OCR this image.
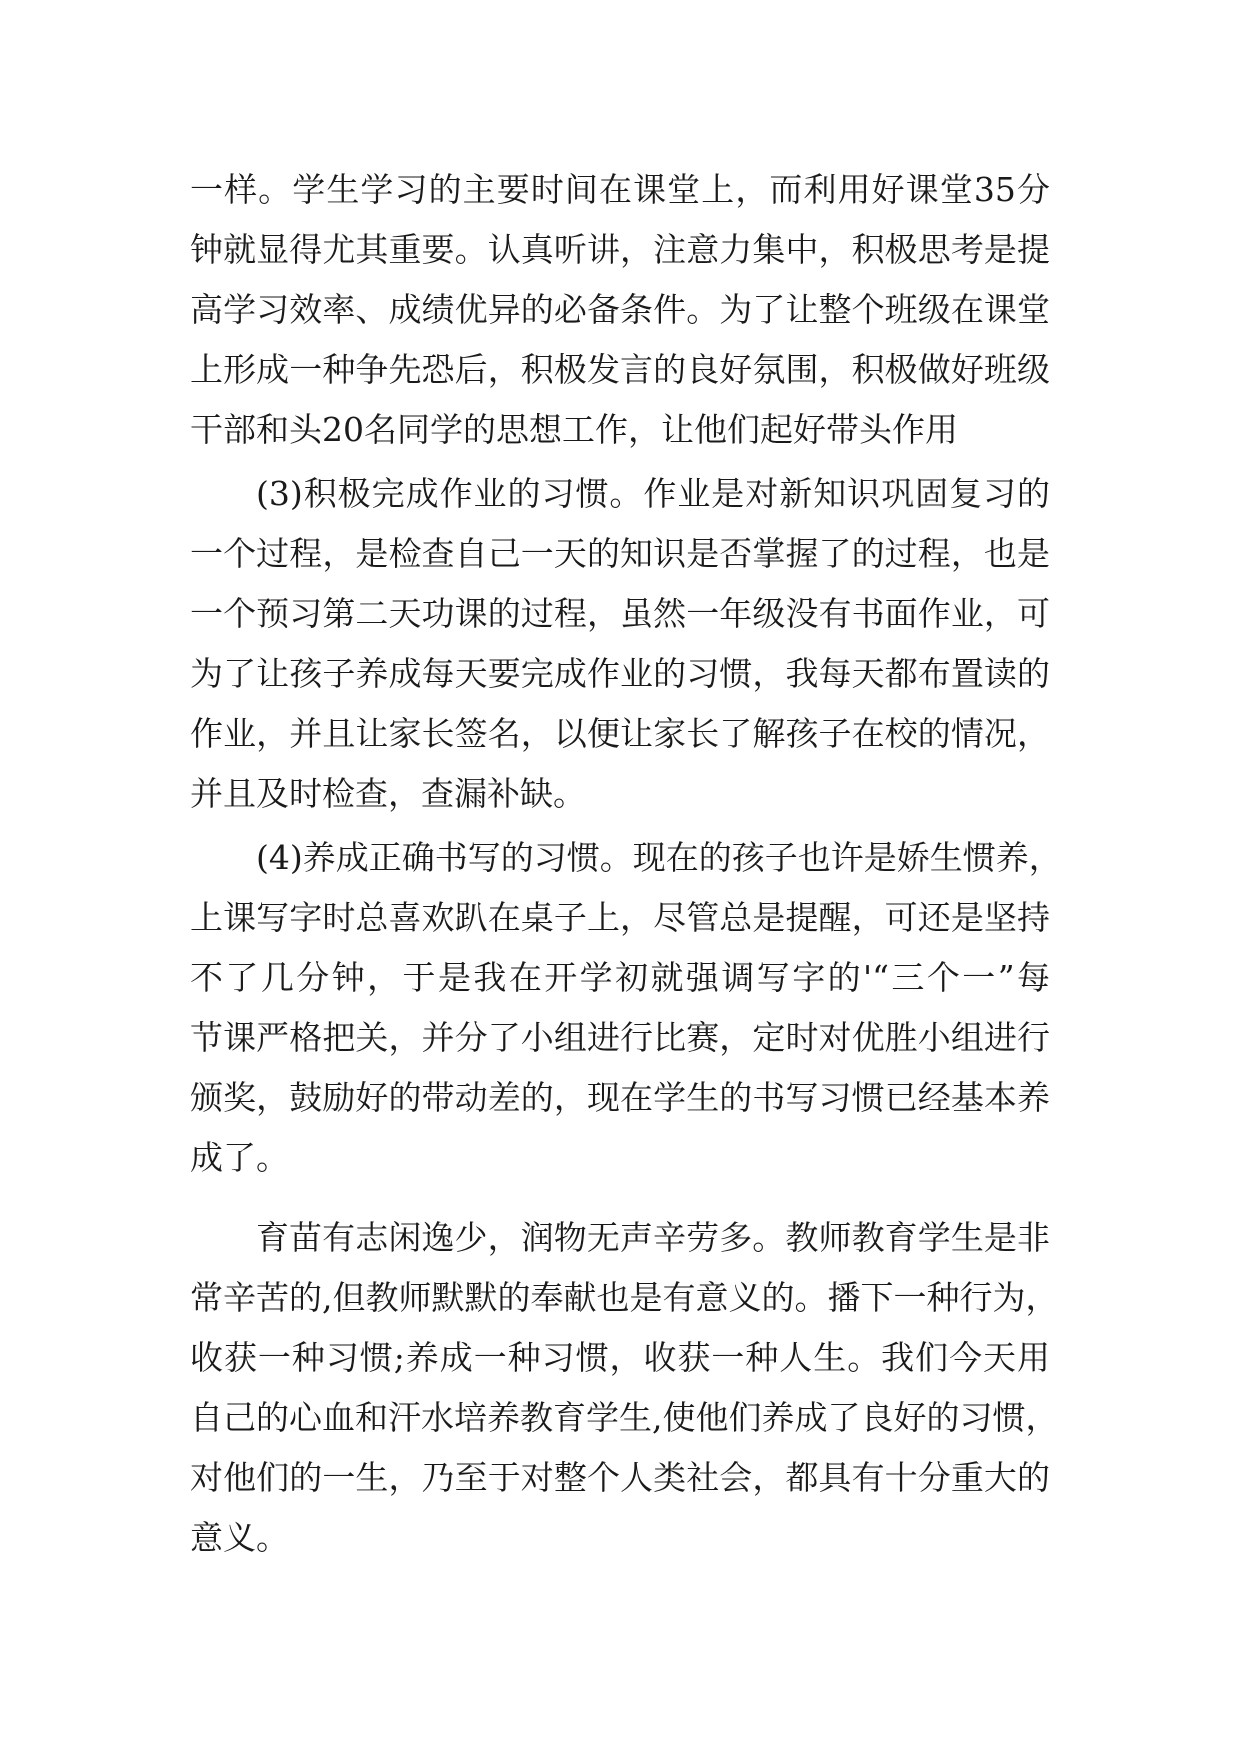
一样。学生学习的主要时间在课堂上，而利用好课堂35分
钟就显得尤其重要。认真听讲，注意力集中，积极思考是提
高学习效率、成绩优异的必备条件。为了让整个班级在课堂
上形成一种争先恐后，积极发言的良好氛围，积极做好班级
干部和头20名同学的思想工作，让他们起好带头作用
(3)积极完成作业的习惯。作业是对新知识巩固复习的
一个过程，是检查自己一天的知识是否掌握了的过程，也是
一个预习第二天功课的过程，虽然一年级没有书面作业，可
为了让孩子养成每天要完成作业的习惯，我每天都布置读的
作业，并且让家长签名，以便让家长了解孩子在校的情况，
并且及时检查，查漏补缺。
(4)养成正确书写的习惯。现在的孩子也许是娇生惯养，
上课写字时总喜欢趴在桌子上，尽管总是提醒，可还是坚持
不了几分钟，于是我在开学初就强调写字的'“三个一”每
节课严格把关，并分了小组进行比赛，定时对优胜小组进行
颁奖，鼓励好的带动差的，现在学生的书写习惯已经基本养
成了。
育苗有志闲逸少，润物无声辛劳多。教师教育学生是非
常辛苦的,但教师默默的奉献也是有意义的。播下一种行为，
收获一种习惯;养成一种习惯，收获一种人生。我们今天用
自己的心血和汗水培养教育学生,使他们养成了良好的习惯，
对他们的一生，乃至于对整个人类社会，都具有十分重大的
意义。
